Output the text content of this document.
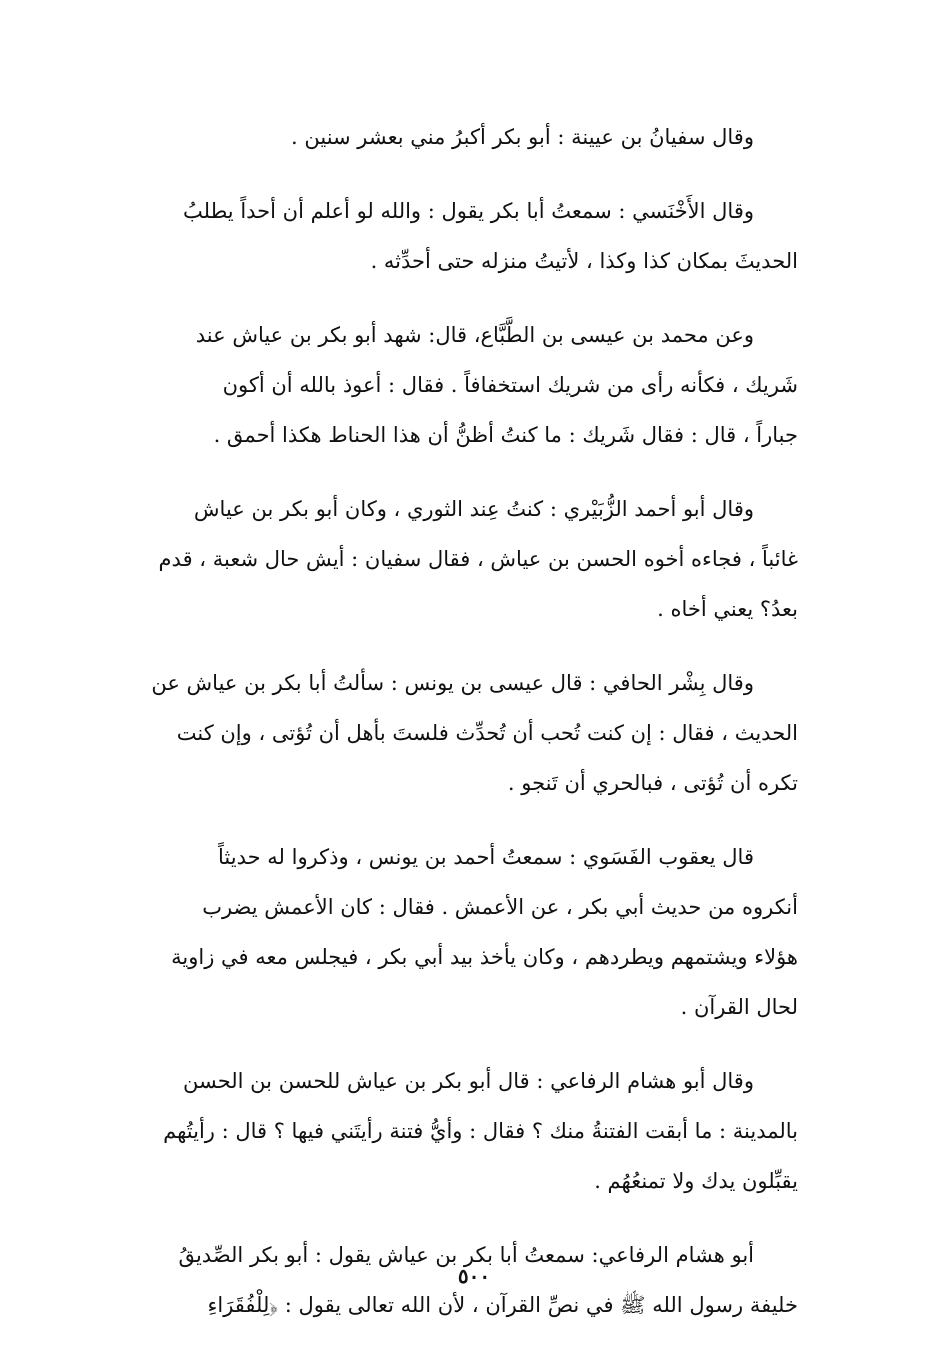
وقال سفيانُ بن عيينة : أبو بكر أكبرُ مني بعشر سنين .

وقال الأَخْنَسي : سمعتُ أبا بكر يقول : والله لو أعلم أن أحداً يطلبُ
الحديثَ بمكان كذا وكذا ، لأتيتُ منزله حتى أحدِّثه .

وعن محمد بن عيسى بن الطَّبَّاع، قال: شهد أبو بكر بن عياش عند
شَريك ، فكأنه رأى من شريك استخفافاً . فقال : أعوذ بالله أن أكون
جباراً ، قال : فقال شَريك : ما كنتُ أظنُّ أن هذا الحناط هكذا أحمق .

وقال أبو أحمد الزُّبَيْري : كنتُ عِند الثوري ، وكان أبو بكر بن عياش
غائباً ، فجاءه أخوه الحسن بن عياش ، فقال سفيان : أيش حال شعبة ، قدم
بعدُ؟ يعني أخاه .

وقال بِشْر الحافي : قال عيسى بن يونس : سألتُ أبا بكر بن عياش عن
الحديث ، فقال : إن كنت تُحب أن تُحدِّث فلستَ بأهل أن تُؤتى ، وإن كنت
تكره أن تُؤتى ، فبالحري أن تَنجو .

قال يعقوب الفَسَوي : سمعتُ أحمد بن يونس ، وذكروا له حديثاً
أنكروه من حديث أبي بكر ، عن الأعمش . فقال : كان الأعمش يضرب
هؤلاء ويشتمهم ويطردهم ، وكان يأخذ بيد أبي بكر ، فيجلس معه في زاوية
لحال القرآن .

وقال أبو هشام الرفاعي : قال أبو بكر بن عياش للحسن بن الحسن
بالمدينة : ما أبقت الفتنةُ منك ؟ فقال : وأيُّ فتنة رأيتَني فيها ؟ قال : رأيتُهم
يقبِّلون يدك ولا تمنعُهُم .

أبو هشام الرفاعي: سمعتُ أبا بكر بن عياش يقول : أبو بكر الصِّديقُ
خليفة رسول الله ﷺ في نصِّ القرآن ، لأن الله تعالى يقول : ﴿لِلْفُقَرَاءِ

٥٠٠
